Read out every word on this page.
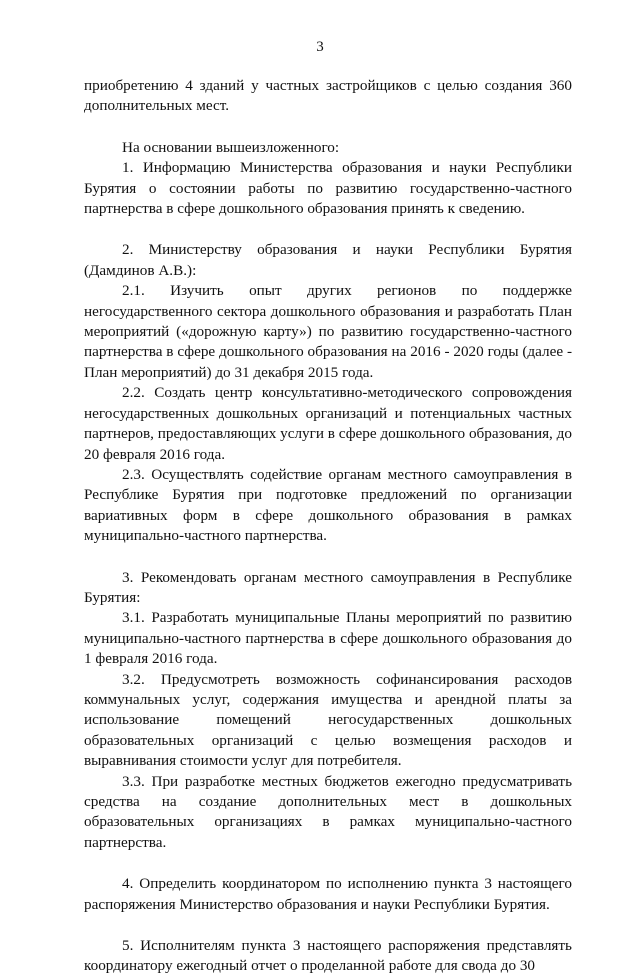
3

приобретению 4 зданий у частных застройщиков с целью создания 360 дополнительных мест.

На основании вышеизложенного:

1. Информацию Министерства образования и науки Республики Бурятия о состоянии работы по развитию государственно-частного партнерства в сфере дошкольного образования принять к сведению.

2. Министерству образования и науки Республики Бурятия (Дамдинов А.В.):

2.1. Изучить опыт других регионов по поддержке негосударственного сектора дошкольного образования и разработать План мероприятий («дорожную карту») по развитию государственно-частного партнерства в сфере дошкольного образования на 2016 - 2020 годы (далее - План мероприятий) до 31 декабря 2015 года.

2.2. Создать центр консультативно-методического сопровождения негосударственных дошкольных организаций и потенциальных частных партнеров, предоставляющих услуги в сфере дошкольного образования, до 20 февраля 2016 года.

2.3. Осуществлять содействие органам местного самоуправления в Республике Бурятия при подготовке предложений по организации вариативных форм в сфере дошкольного образования в рамках муниципально-частного партнерства.

3. Рекомендовать органам местного самоуправления в Республике Бурятия:

3.1. Разработать муниципальные Планы мероприятий по развитию муниципально-частного партнерства в сфере дошкольного образования до 1 февраля 2016 года.

3.2. Предусмотреть возможность софинансирования расходов коммунальных услуг, содержания имущества и арендной платы за использование помещений негосударственных дошкольных образовательных организаций с целью возмещения расходов и выравнивания стоимости услуг для потребителя.

3.3. При разработке местных бюджетов ежегодно предусматривать средства на создание дополнительных мест в дошкольных образовательных организациях в рамках муниципально-частного партнерства.

4. Определить координатором по исполнению пункта 3 настоящего распоряжения Министерство образования и науки Республики Бурятия.

5. Исполнителям пункта 3 настоящего распоряжения представлять координатору ежегодный отчет о проделанной работе для свода до 30
